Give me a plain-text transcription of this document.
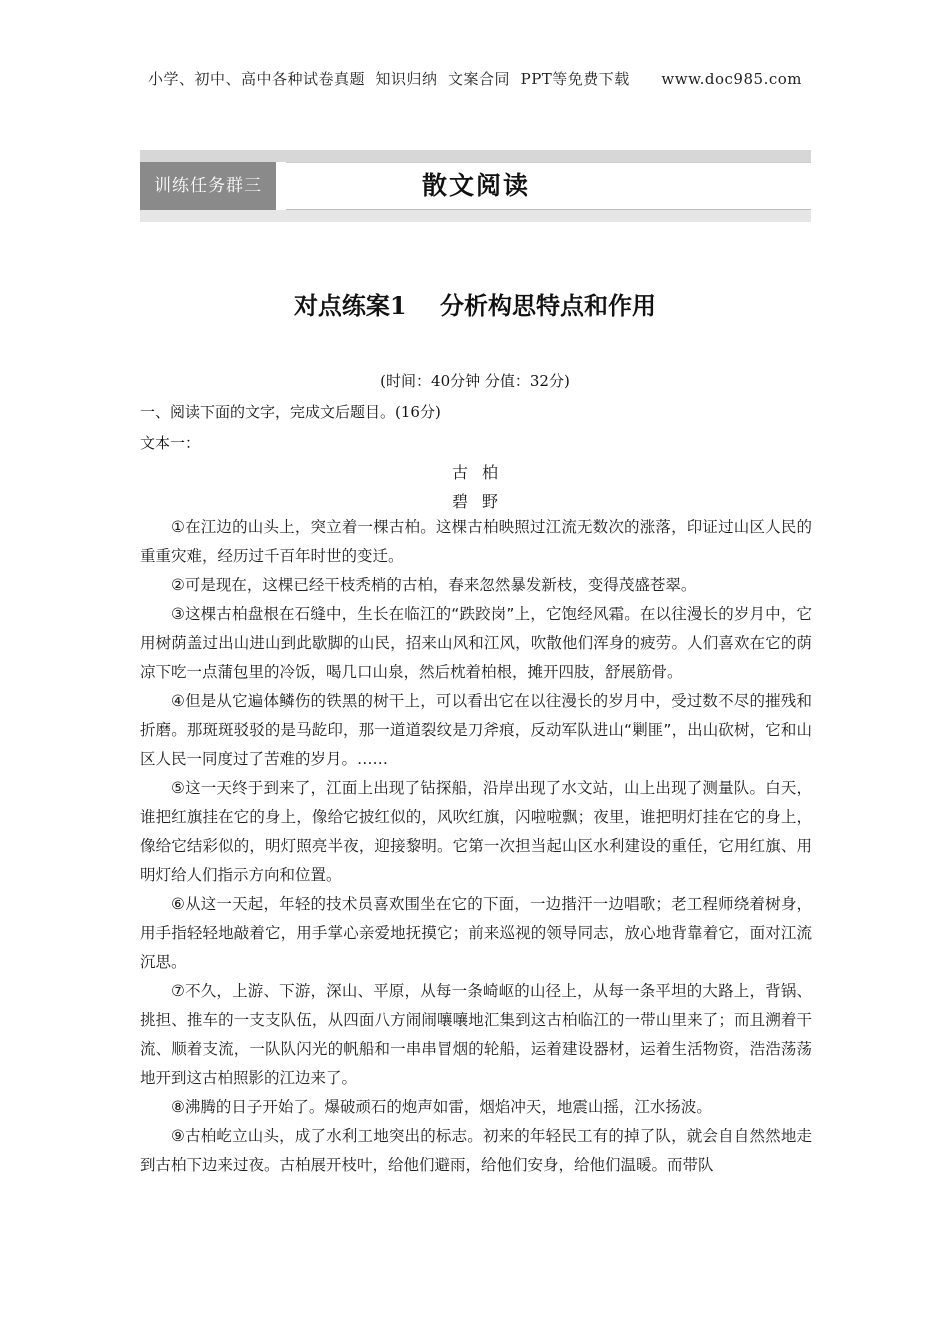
小学、初中、高中各种试卷真题  知识归纳  文案合同  PPT等免费下载      www.doc985.com
训练任务群三	散文阅读
对点练案1    分析构思特点和作用
(时间：40分钟 分值：32分)
一、阅读下面的文字，完成文后题目。(16分)
文本一：
古柏
碧野

①在江边的山头上，突立着一棵古柏。这棵古柏映照过江流无数次的涨落，印证过山区人民的重重灾难，经历过千百年时世的变迁。

②可是现在，这棵已经干枝秃梢的古柏，春来忽然暴发新枝，变得茂盛苍翠。

③这棵古柏盘根在石缝中，生长在临江的“跌跤岗”上，它饱经风霜。在以往漫长的岁月中，它用树荫盖过出山进山到此歇脚的山民，招来山风和江风，吹散他们浑身的疲劳。人们喜欢在它的荫凉下吃一点蒲包里的冷饭，喝几口山泉，然后枕着柏根，摊开四肢，舒展筋骨。

④但是从它遍体鳞伤的铁黑的树干上，可以看出它在以往漫长的岁月中，受过数不尽的摧残和折磨。那斑斑驳驳的是马龁印，那一道道裂纹是刀斧痕，反动军队进山“剿匪”，出山砍树，它和山区人民一同度过了苦难的岁月。……

⑤这一天终于到来了，江面上出现了钻探船，沿岸出现了水文站，山上出现了测量队。白天，谁把红旗挂在它的身上，像给它披红似的，风吹红旗，闪啦啦飘；夜里，谁把明灯挂在它的身上，像给它结彩似的，明灯照亮半夜，迎接黎明。它第一次担当起山区水利建设的重任，它用红旗、用明灯给人们指示方向和位置。

⑥从这一天起，年轻的技术员喜欢围坐在它的下面，一边揩汗一边唱歌；老工程师绕着树身，用手指轻轻地敲着它，用手掌心亲爱地抚摸它；前来巡视的领导同志，放心地背靠着它，面对江流沉思。

⑦不久，上游、下游，深山、平原，从每一条崎岖的山径上，从每一条平坦的大路上，背锅、挑担、推车的一支支队伍，从四面八方闹闹嚷嚷地汇集到这古柏临江的一带山里来了；而且溯着干流、顺着支流，一队队闪光的帆船和一串串冒烟的轮船，运着建设器材，运着生活物资，浩浩荡荡地开到这古柏照影的江边来了。

⑧沸腾的日子开始了。爆破顽石的炮声如雷，烟焰冲天，地震山摇，江水扬波。

⑨古柏屹立山头，成了水利工地突出的标志。初来的年轻民工有的掉了队，就会自自然然地走到古柏下边来过夜。古柏展开枝叶，给他们避雨，给他们安身，给他们温暖。而带队
